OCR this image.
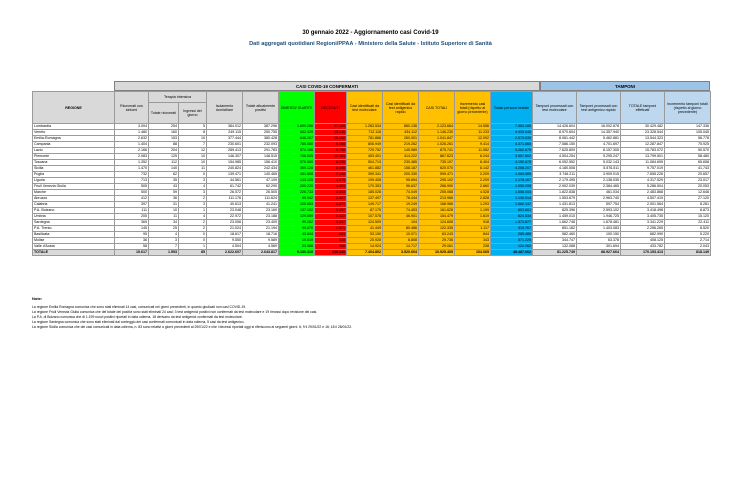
30 gennaio 2022 - Aggiornamento casi Covid-19
Dati aggregati quotidiani Regioni/PPAA - Ministero della Salute - Istituto Superiore di Sanità
CASI COVID-19 CONFERMATI	TAMPONI
REGIONE	Ricoverati con sintomi	Terapia intensiva		Isolamento domiciliare	Totale attualmente positivi	DIMESSI/ GUARITI	DECEDUTI	Casi identificati da test molecolare	Casi identificati da test antigenico rapido	CASI TOTALI	Incremento casi totali (rispetto al giorno precedente)	Totale persone testate	Tamponi processati con test molecolare	Tamponi processati con test antigenico rapido	TOTALE tamponi effettuati	Incremento tamponi totali (rispetto al giorno precedente)
		Totale ricoverati	Ingressi del giorno													
Lombardia	3.004	254	5	384.012	387.296	1.699.266	37.108	1.263.534	860.136	2.123.664	14.556	7.563.180	14.426.604	16.002.878	30.429.482	147.336
Veneto	1.480	160	8	249.115	250.755	882.329	13.146	712.118	434.112	1.146.230	11.233	4.433.046	8.970.604	14.357.940	23.328.544	105.045
Emilia-Romagna	2.632	153	10	377.444	380.428	646.267	15.052	781.866	260.001	1.041.847	12.092	2.573.639	8.081.442	5.462.881	13.544.323	56.778
Campania	1.404	88	7	230.601	232.093	785.060	9.068	806.949	219.262	1.026.261	9.414	4.371.865	7.586.150	4.701.697	12.287.847	75.925
Lazio	2.166	204	12	289.413	291.783	574.166	9.756	729.752	145.989	875.741	11.552	5.262.675	7.625.809	8.157.305	15.783.072	50.570
Piemonte	2.083	125	10	146.307	148.515	706.525	12.563	453.401	414.222	867.623	6.244	3.557.802	4.504.254	9.295.247	13.799.501	58.480
Toscana	1.352	112	10	154.985	156.410	570.550	8.236	504.713	230.485	735.197	8.404	4.150.678	6.052.552	5.032.143	11.084.695	65.658
Sicilia	1.470	140	11	240.824	242.434	369.128	8.498	461.882	158.187	620.070	6.142	4.208.207	4.180.508	5.576.511	9.757.019	41.743
Puglia	732	62	0	139.471	140.465	451.808	7.198	399.341	200.330	599.471	2.209	1.983.589	3.746.211	3.909.015	7.655.226	20.657
Liguria	713	35	3	44.561	47.109	243.125	4.878	199.408	95.694	295.102	2.209	1.178.167	2.179.495	2.138.035	4.317.529	23.017
Friuli Venezia Giulia	505	43	4	61.742	62.290	200.220	4.460	170.353	96.637	266.990	2.660	1.050.098	2.902.039	2.384.465	5.286.504	20.053
Marche	500	59	3	26.572	26.505	226.733	3.413	185.028	74.049	255.068	4.528	1.558.003	1.822.838	461.034	2.483.868	12.646
Abruzzo	412	36	2	111.176	111.624	99.942	2.807	137.497	76.444	213.966	2.828	1.130.514	1.553.679	2.963.740	4.507.419	27.120
Calabria	397	31	3	40.613	41.241	125.853	1.872	149.717	19.249	168.966	1.293	1.562.137	1.431.813	597.754	2.001.564	8.261
P.A. Bolzano	111	10	1	23.048	23.169	137.102	1.357	87.175	74.453	161.628	1.199	603.601	825.396	2.593.102	3.418.498	8.873
Umbria	205	11	4	22.972	23.188	129.669	1.622	107.578	46.901	154.479	1.619	624.534	1.459.010	1.946.725	3.405.735	15.120
Sardegna	369	34	2	23.006	23.409	99.262	1.837	124.509	104	124.608	918	1.373.877	1.662.748	1.678.481	3.341.229	22.411
P.A. Trento	145	25	2	21.024	21.194	99.670	1.471	41.449	80.486	122.335	1.117	315.767	851.182	1.403.083	2.256.265	8.520
Basilicata	95	4	0	18.617	18.716	43.844	683	53.150	10.071	63.243	844	285.488	582.460	100.150	682.990	5.220
Molise	36	3	0	9.550	9.589	19.619	528	20.928	8.808	29.736	343	371.225	344.747	63.378	408.125	2.714
Valle d'Aosta	58	7	1	4.504	4.569	23.566	506	14.924	14.717	29.061	208	124.062	132.088	301.694	433.782	2.043
TOTALE	19.617	1.593	85	2.622.607	2.643.817	9.130.319	146.149	7.404.802	3.520.604	10.925.405	104.065	48.487.062	81.225.749	88.927.664	170.153.413	818.149
Note:

La regione Emilia Romagna comunica che sono stati eliminati 14 casi, comunicati nei giorni precedenti, in quanto giudicati non casi COVID-19.

La regione Friuli Venezia Giulia comunica che del totale dei positivi sono stati eliminati 24 casi: 3 test antigenici positivi non confermati da test molecolare e 19 rimossi dopo revisione dei casi.

La P.A. di Bolzano comunica che di 1.199 nuovi positivi riportati in data odierna, 18 derivano da test antigenici confermati da test molecolare.

La regione Sardegna comunica che sono stati eliminati dal conteggio dei casi confermati comunicati in data odierna, 5 casi da test antigenico.

La regione Sicilia comunica che dei casi comunicati in data odierna, n. 83 sono relativi a giorni precedenti al 29/01/22 e che i decessi riportati oggi si riferiscono ai seguenti giorni: 6; 9 il 29/01/22 e 16; 18 il 28/01/22.
